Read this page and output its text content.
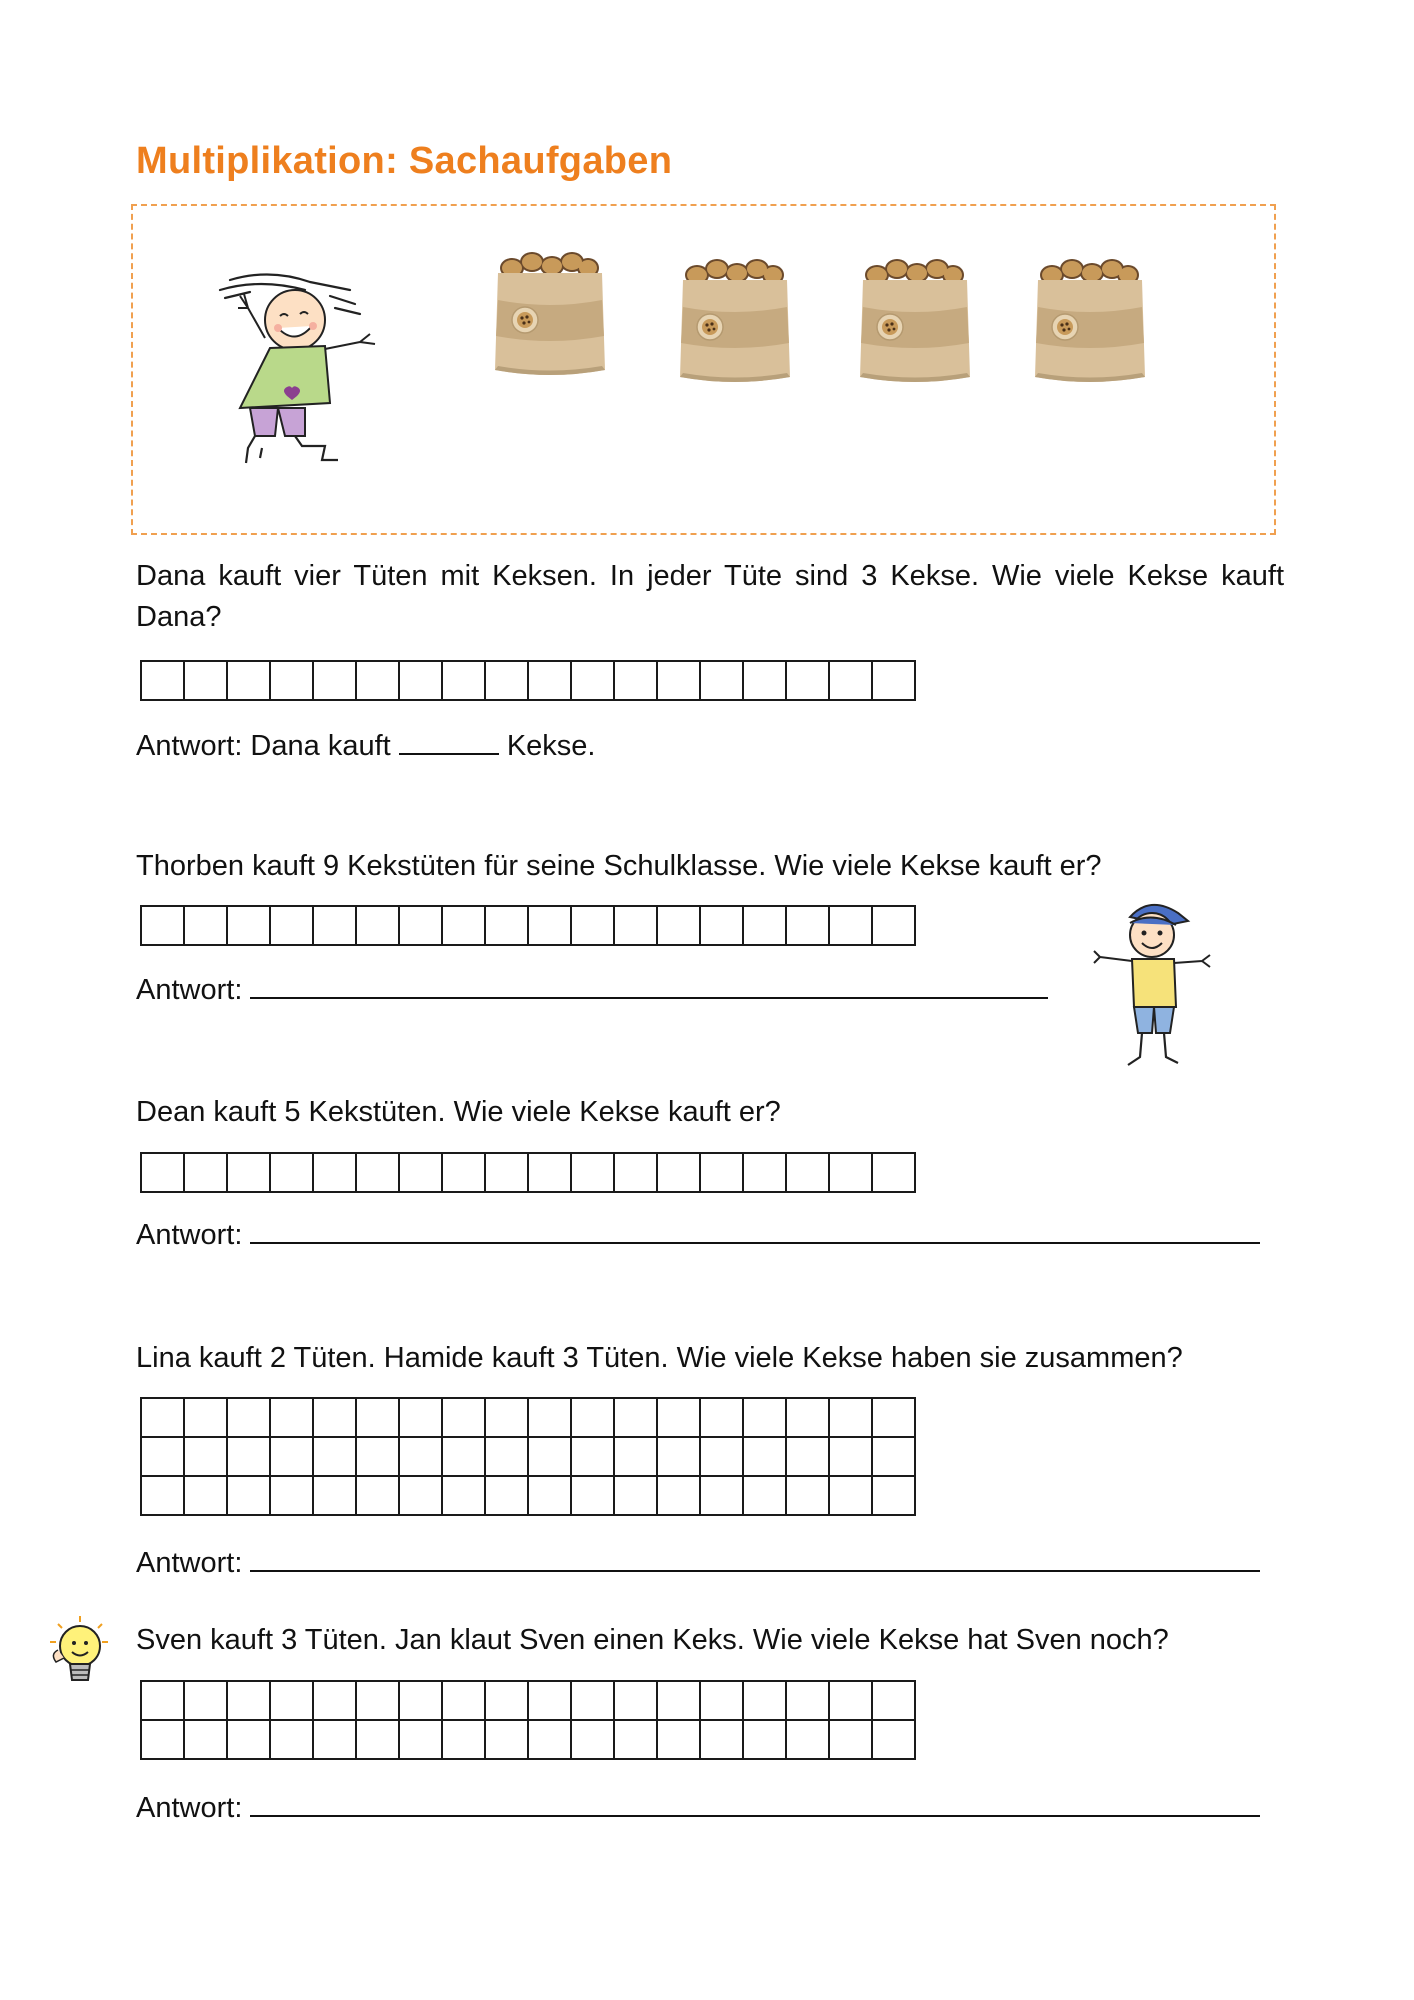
Multiplikation: Sachaufgaben
Dana kauft vier Tüten mit Keksen. In jeder Tüte sind 3 Kekse. Wie viele Kekse kauft Dana?

Antwort: Dana kauft	Kekse.
Thorben kauft 9 Kekstüten für seine Schulklasse. Wie viele Kekse kauft er?

Antwort:
Dean kauft 5 Kekstüten. Wie viele Kekse kauft er?

Antwort:
Lina kauft 2 Tüten. Hamide kauft 3 Tüten. Wie viele Kekse haben sie zusammen?

Antwort:
Sven kauft 3 Tüten. Jan klaut Sven einen Keks. Wie viele Kekse hat Sven noch?

Antwort:
